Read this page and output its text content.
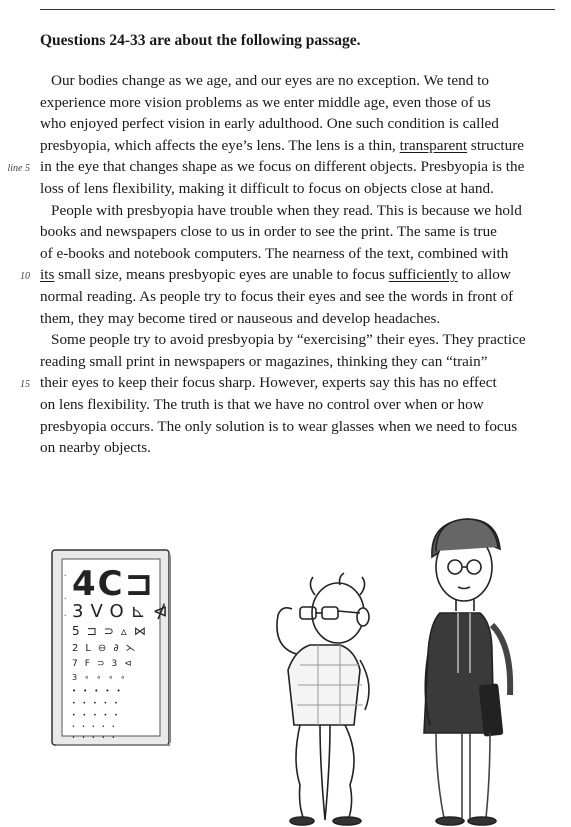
Questions 24-33 are about the following passage.
Our bodies change as we age, and our eyes are no exception. We tend to
experience more vision problems as we enter middle age, even those of us
who enjoyed perfect vision in early adulthood. One such condition is called
presbyopia, which affects the eye’s lens. The lens is a thin, transparent structure
line 5 in the eye that changes shape as we focus on different objects. Presbyopia is the
loss of lens flexibility, making it difficult to focus on objects close at hand.
People with presbyopia have trouble when they read. This is because we hold
books and newspapers close to us in order to see the print. The same is true
of e-books and notebook computers. The nearness of the text, combined with
10 its small size, means presbyopic eyes are unable to focus sufficiently to allow
normal reading. As people try to focus their eyes and see the words in front of
them, they may become tired or nauseous and develop headaches.
Some people try to avoid presbyopia by “exercising” their eyes. They practice
reading small print in newspapers or magazines, thinking they can “train”
15 their eyes to keep their focus sharp. However, experts say this has no effect
on lens flexibility. The truth is that we have no control over when or how
presbyopia occurs. The only solution is to wear glasses when we need to focus
on nearby objects.
4C⊐
3VO⊾⋪
5⊐⊃▵⋈
2L⊖∂⋋
7F⊃3⊲
3∘∘∘∘
•••••
•••••
•••••
•••••
•••••
•
•
•
